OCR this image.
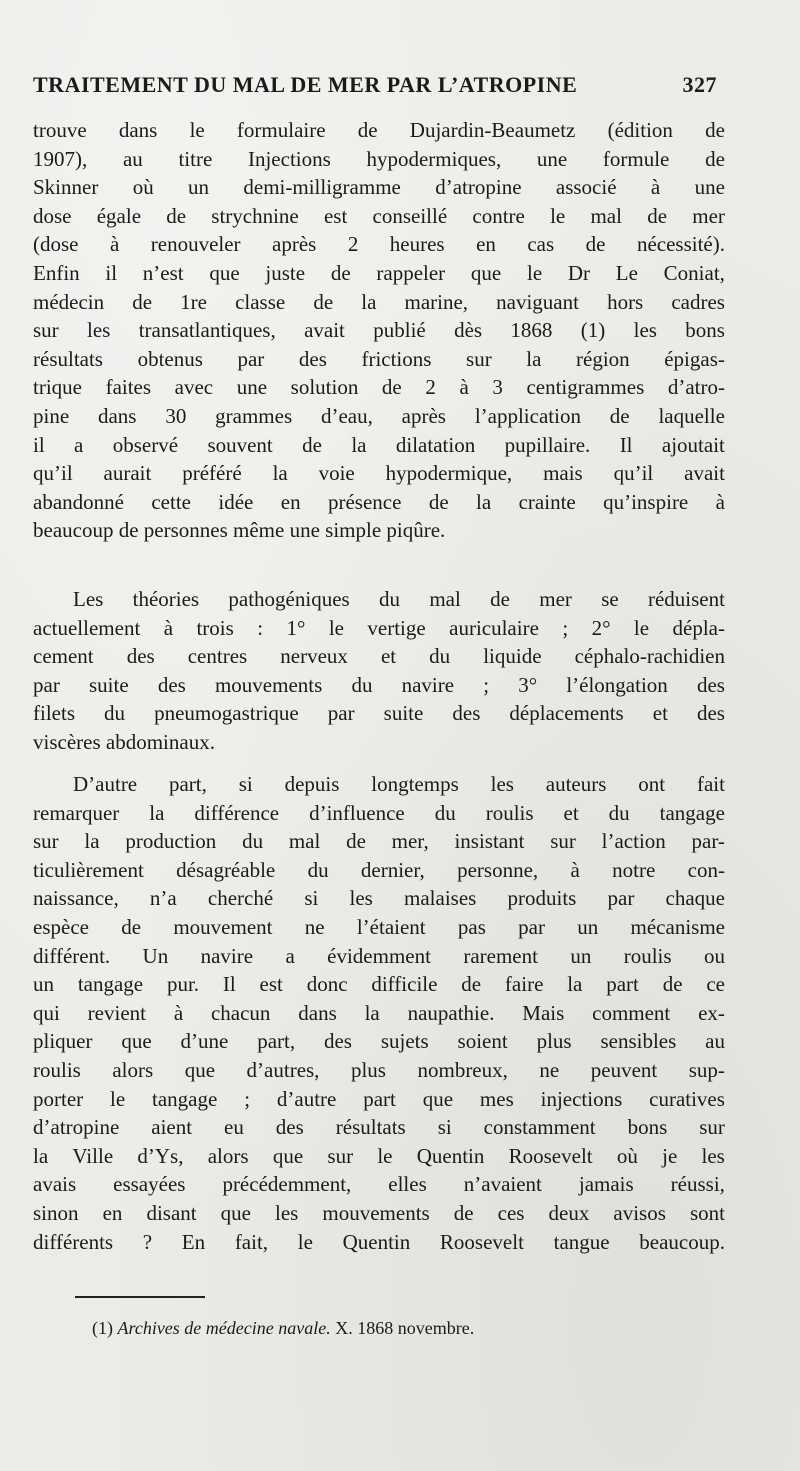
TRAITEMENT DU MAL DE MER PAR L’ATROPINE	327
trouve dans le formulaire de Dujardin-Beaumetz (édition de
1907), au titre Injections hypodermiques, une formule de
Skinner où un demi-milligramme d’atropine associé à une
dose égale de strychnine est conseillé contre le mal de mer
(dose à renouveler après 2 heures en cas de nécessité).
Enfin il n’est que juste de rappeler que le Dr Le Coniat,
médecin de 1re classe de la marine, naviguant hors cadres
sur les transatlantiques, avait publié dès 1868 (1) les bons
résultats obtenus par des frictions sur la région épigas-
trique faites avec une solution de 2 à 3 centigrammes d’atro-
pine dans 30 grammes d’eau, après l’application de laquelle
il a observé souvent de la dilatation pupillaire. Il ajoutait
qu’il aurait préféré la voie hypodermique, mais qu’il avait
abandonné cette idée en présence de la crainte qu’inspire à
beaucoup de personnes même une simple piqûre.
Les théories pathogéniques du mal de mer se réduisent
actuellement à trois : 1° le vertige auriculaire ; 2° le déplа-
cement des centres nerveux et du liquide céphalo-rachidien
par suite des mouvements du navire ; 3° l’élongation des
filets du pneumogastrique par suite des déplacements et des
viscères abdominaux.
D’autre part, si depuis longtemps les auteurs ont fait
remarquer la différence d’influence du roulis et du tangage
sur la production du mal de mer, insistant sur l’action par-
ticulièrement désagréable du dernier, personne, à notre con-
naissance, n’a cherché si les malaises produits par chaque
espèce de mouvement ne l’étaient pas par un mécanisme
différent. Un navire a évidemment rarement un roulis ou
un tangage pur. Il est donc difficile de faire la part de ce
qui revient à chacun dans la naupathie. Mais comment ex-
pliquer que d’une part, des sujets soient plus sensibles au
roulis alors que d’autres, plus nombreux, ne peuvent sup-
porter le tangage ; d’autre part que mes injections curatives
d’atropine aient eu des résultats si constamment bons sur
la Ville d’Ys, alors que sur le Quentin Roosevelt où je les
avais essayées précédemment, elles n’avaient jamais réussi,
sinon en disant que les mouvements de ces deux avisos sont
différents ? En fait, le Quentin Roosevelt tangue beaucoup.
(1) Archives de médecine navale. X. 1868 novembre.
